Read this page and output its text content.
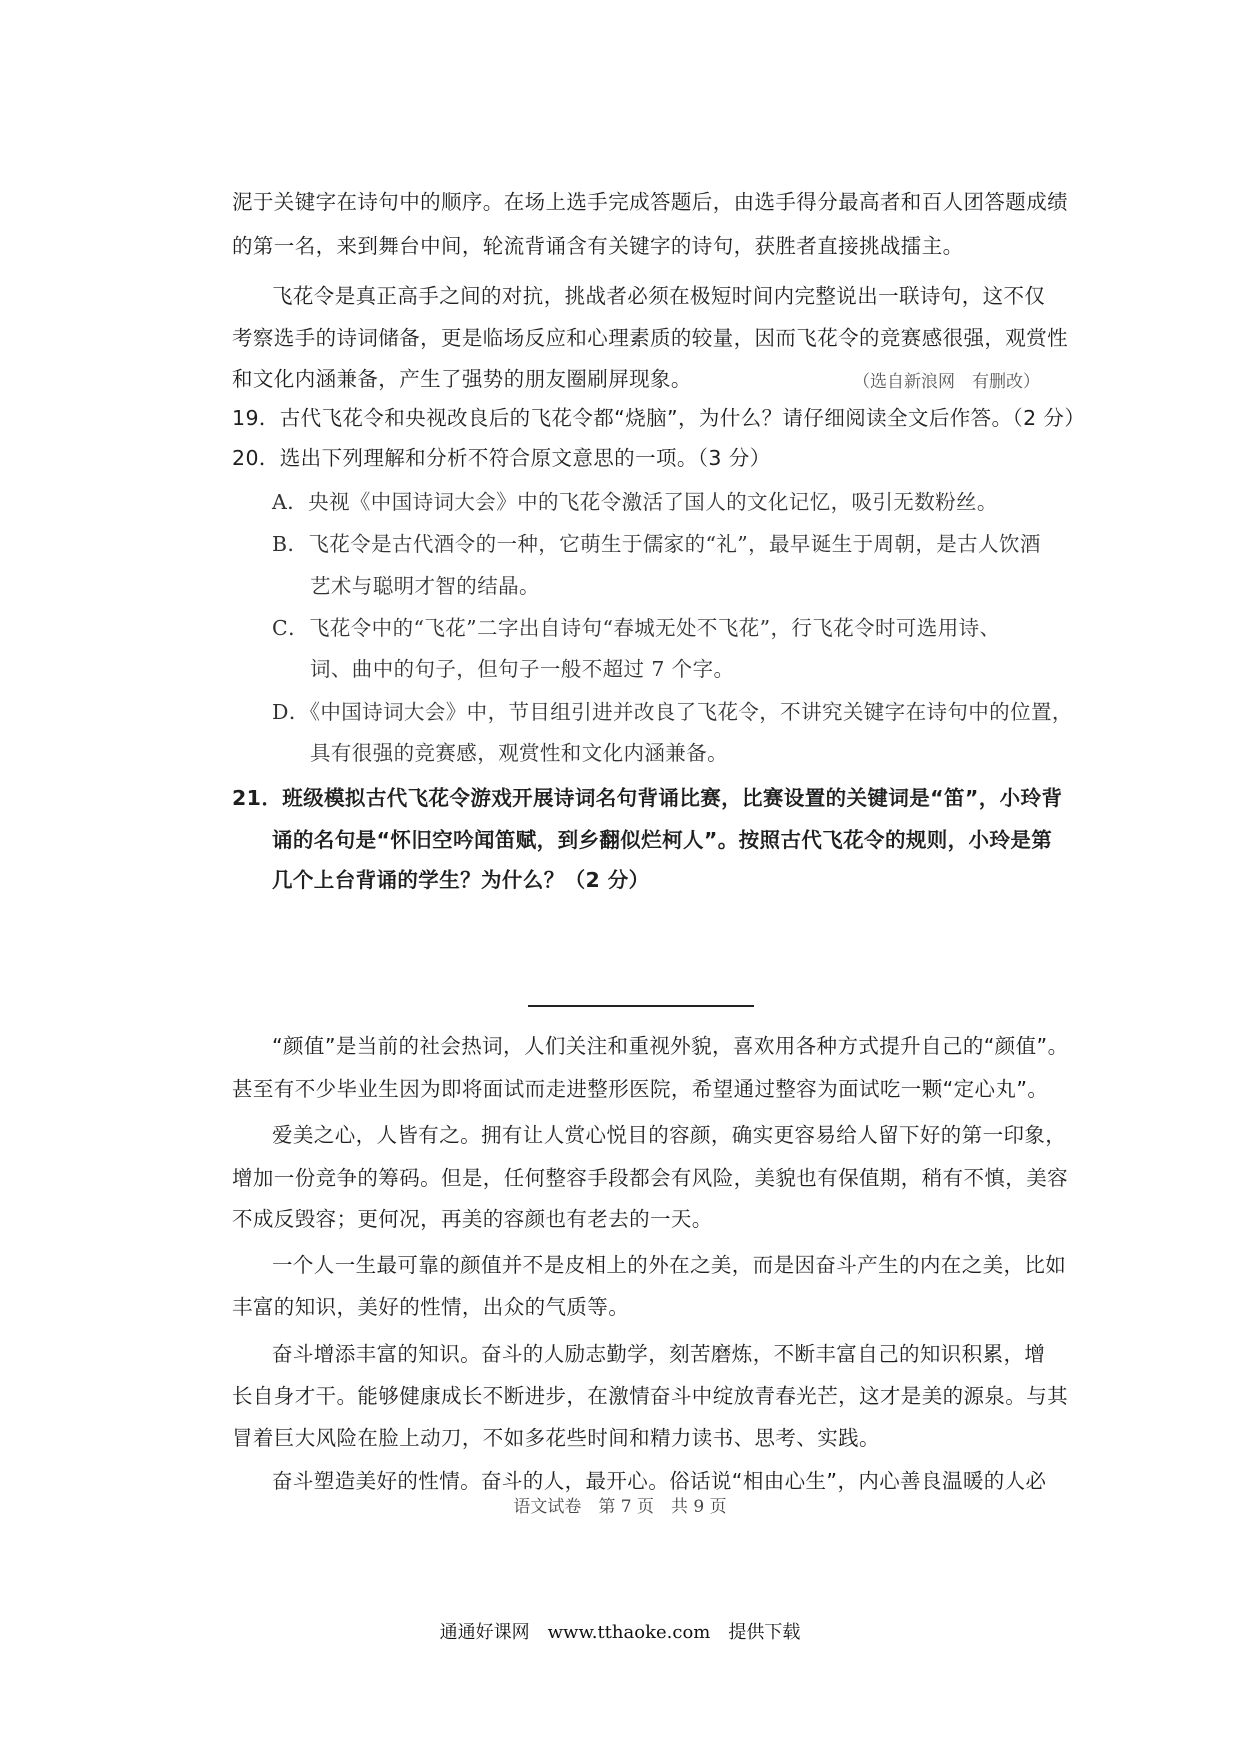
泥于关键字在诗句中的顺序。在场上选手完成答题后，由选手得分最高者和百人团答题成绩
的第一名，来到舞台中间，轮流背诵含有关键字的诗句，获胜者直接挑战擂主。
飞花令是真正高手之间的对抗，挑战者必须在极短时间内完整说出一联诗句，这不仅
考察选手的诗词储备，更是临场反应和心理素质的较量，因而飞花令的竞赛感很强，观赏性
和文化内涵兼备，产生了强势的朋友圈刷屏现象。	（选自新浪网　有删改）
19．古代飞花令和央视改良后的飞花令都“烧脑”，为什么？请仔细阅读全文后作答。（2 分）
20．选出下列理解和分析不符合原文意思的一项。（3 分）
A．央视《中国诗词大会》中的飞花令激活了国人的文化记忆，吸引无数粉丝。
B．飞花令是古代酒令的一种，它萌生于儒家的“礼”，最早诞生于周朝，是古人饮酒
艺术与聪明才智的结晶。
C．飞花令中的“飞花”二字出自诗句“春城无处不飞花”，行飞花令时可选用诗、
词、曲中的句子，但句子一般不超过 7 个字。
D．《中国诗词大会》中，节目组引进并改良了飞花令，不讲究关键字在诗句中的位置，
具有很强的竞赛感，观赏性和文化内涵兼备。
21．班级模拟古代飞花令游戏开展诗词名句背诵比赛，比赛设置的关键词是“笛”，小玲背
诵的名句是“怀旧空吟闻笛赋，到乡翻似烂柯人”。按照古代飞花令的规则，小玲是第
几个上台背诵的学生？为什么？（2 分）
“颜值”是当前的社会热词，人们关注和重视外貌，喜欢用各种方式提升自己的“颜值”。
甚至有不少毕业生因为即将面试而走进整形医院，希望通过整容为面试吃一颗“定心丸”。
爱美之心，人皆有之。拥有让人赏心悦目的容颜，确实更容易给人留下好的第一印象，
增加一份竞争的筹码。但是，任何整容手段都会有风险，美貌也有保值期，稍有不慎，美容
不成反毁容；更何况，再美的容颜也有老去的一天。
一个人一生最可靠的颜值并不是皮相上的外在之美，而是因奋斗产生的内在之美，比如
丰富的知识，美好的性情，出众的气质等。
奋斗增添丰富的知识。奋斗的人励志勤学，刻苦磨炼，不断丰富自己的知识积累，增
长自身才干。能够健康成长不断进步，在激情奋斗中绽放青春光芒，这才是美的源泉。与其
冒着巨大风险在脸上动刀，不如多花些时间和精力读书、思考、实践。
奋斗塑造美好的性情。奋斗的人，最开心。俗话说“相由心生”，内心善良温暖的人必
语文试卷　第 7 页　共 9 页
通通好课网　www.tthaoke.com　提供下载
